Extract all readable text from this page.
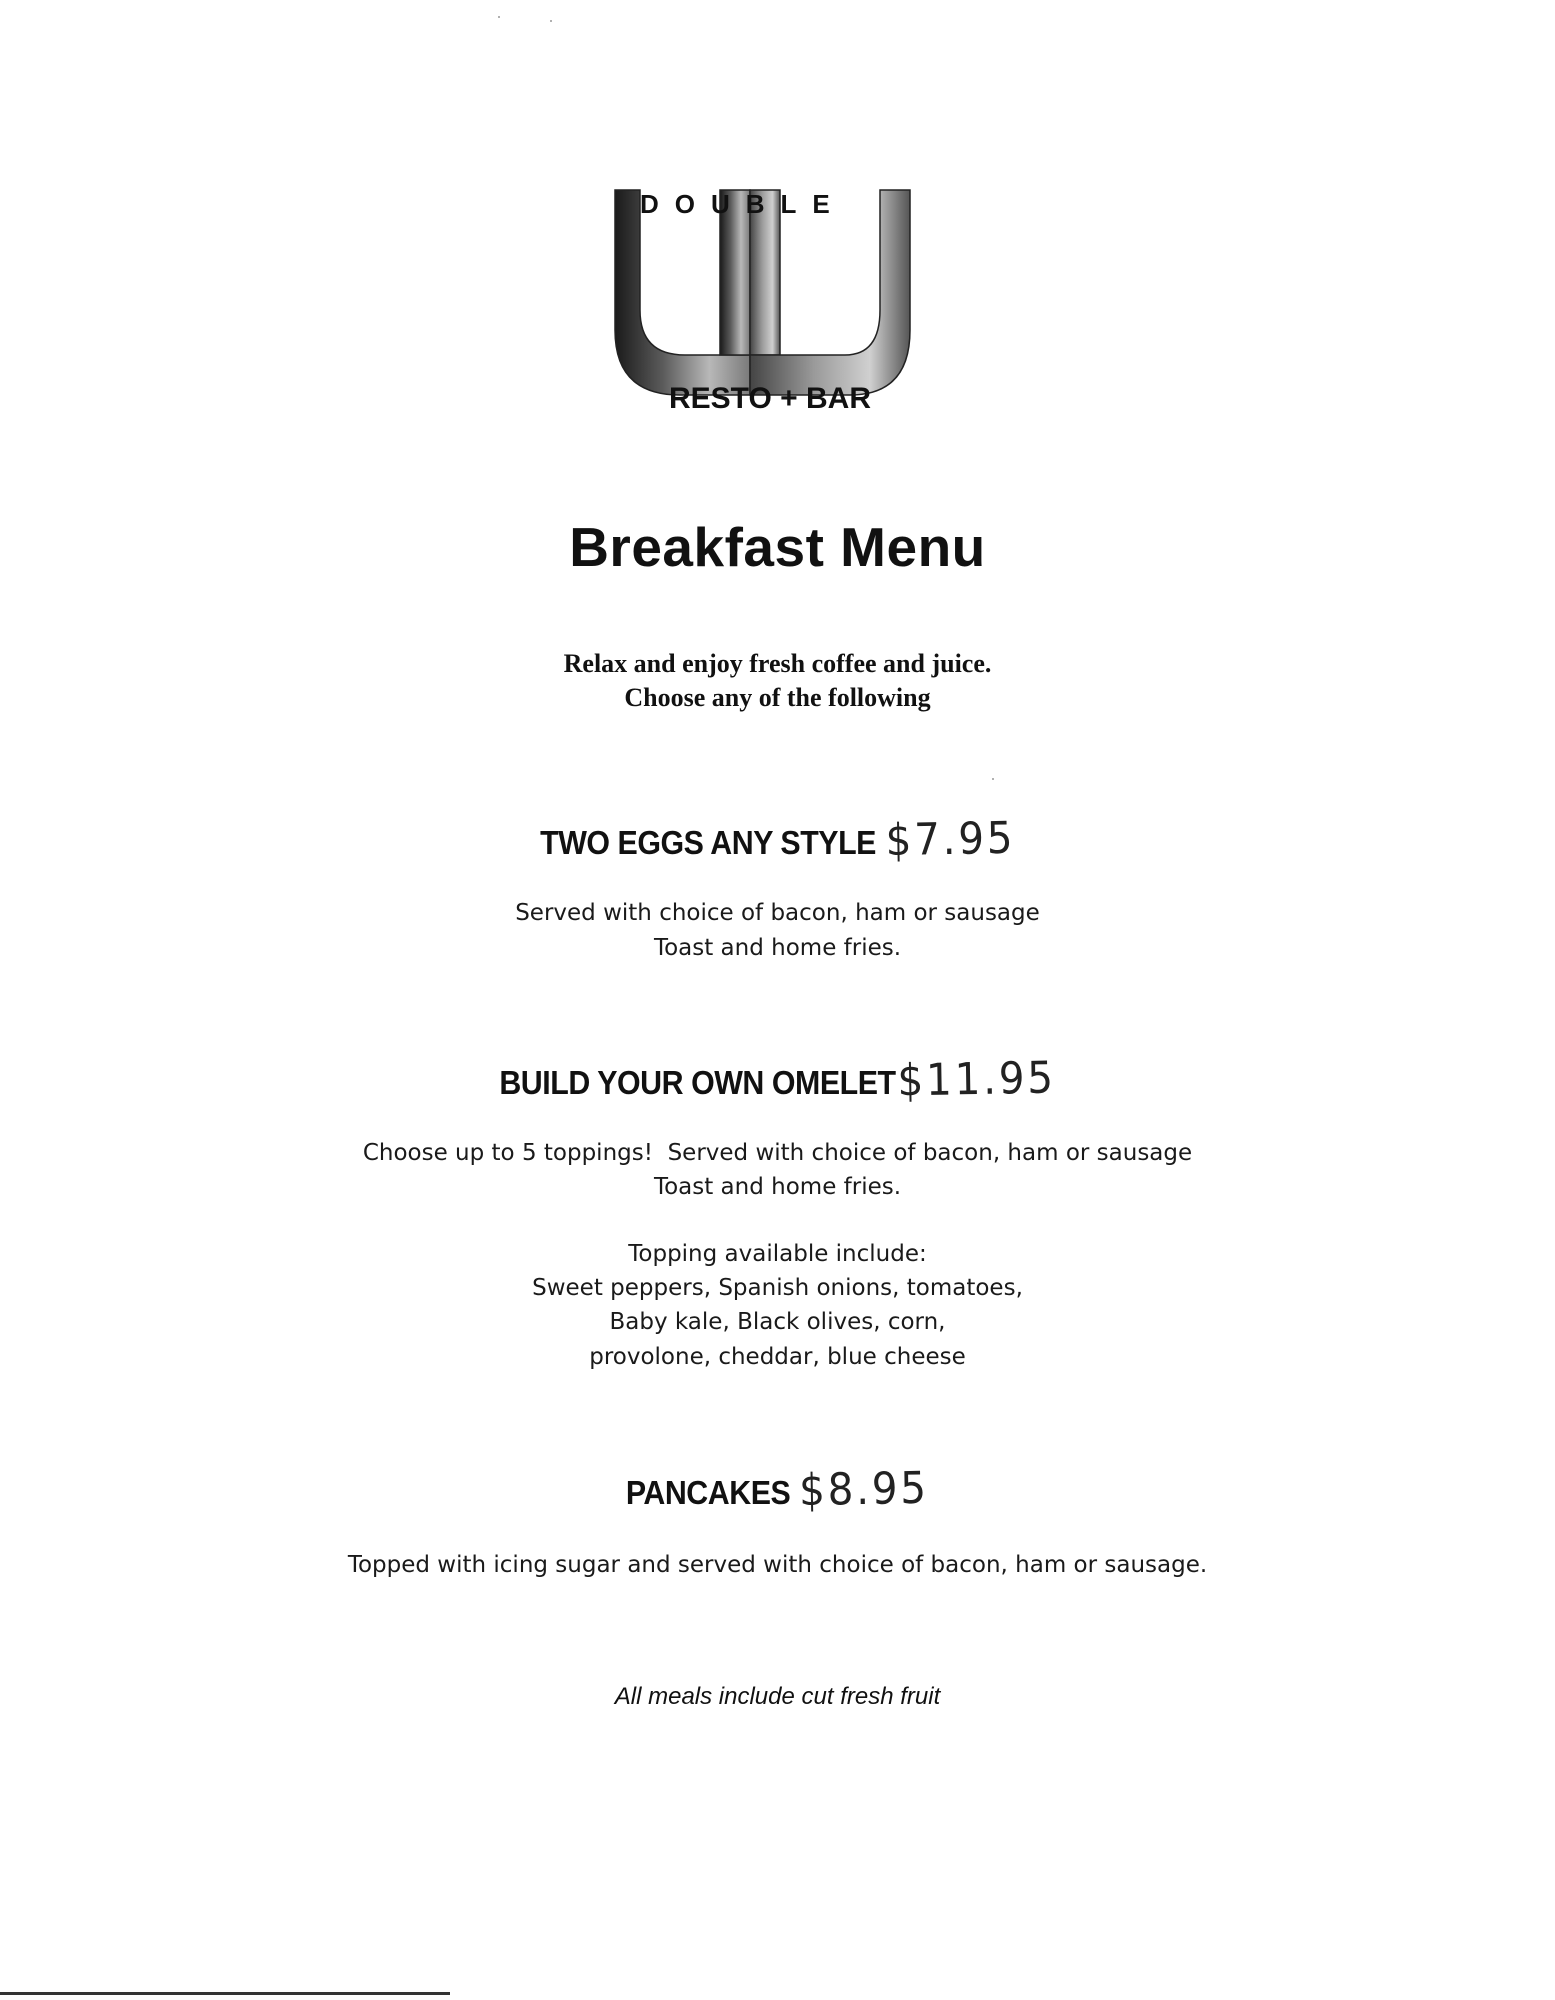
DOUBLE
RESTO + BAR
Breakfast Menu
Relax and enjoy fresh coffee and juice.
Choose any of the following
TWO EGGS ANY STYLE $7.95
Served with choice of bacon, ham or sausage
Toast and home fries.
BUILD YOUR OWN OMELET$11.95
Choose up to 5 toppings!  Served with choice of bacon, ham or sausage
Toast and home fries.
Topping available include:
Sweet peppers, Spanish onions, tomatoes,
Baby kale, Black olives, corn,
provolone, cheddar, blue cheese
PANCAKES $8.95
Topped with icing sugar and served with choice of bacon, ham or sausage.
All meals include cut fresh fruit
